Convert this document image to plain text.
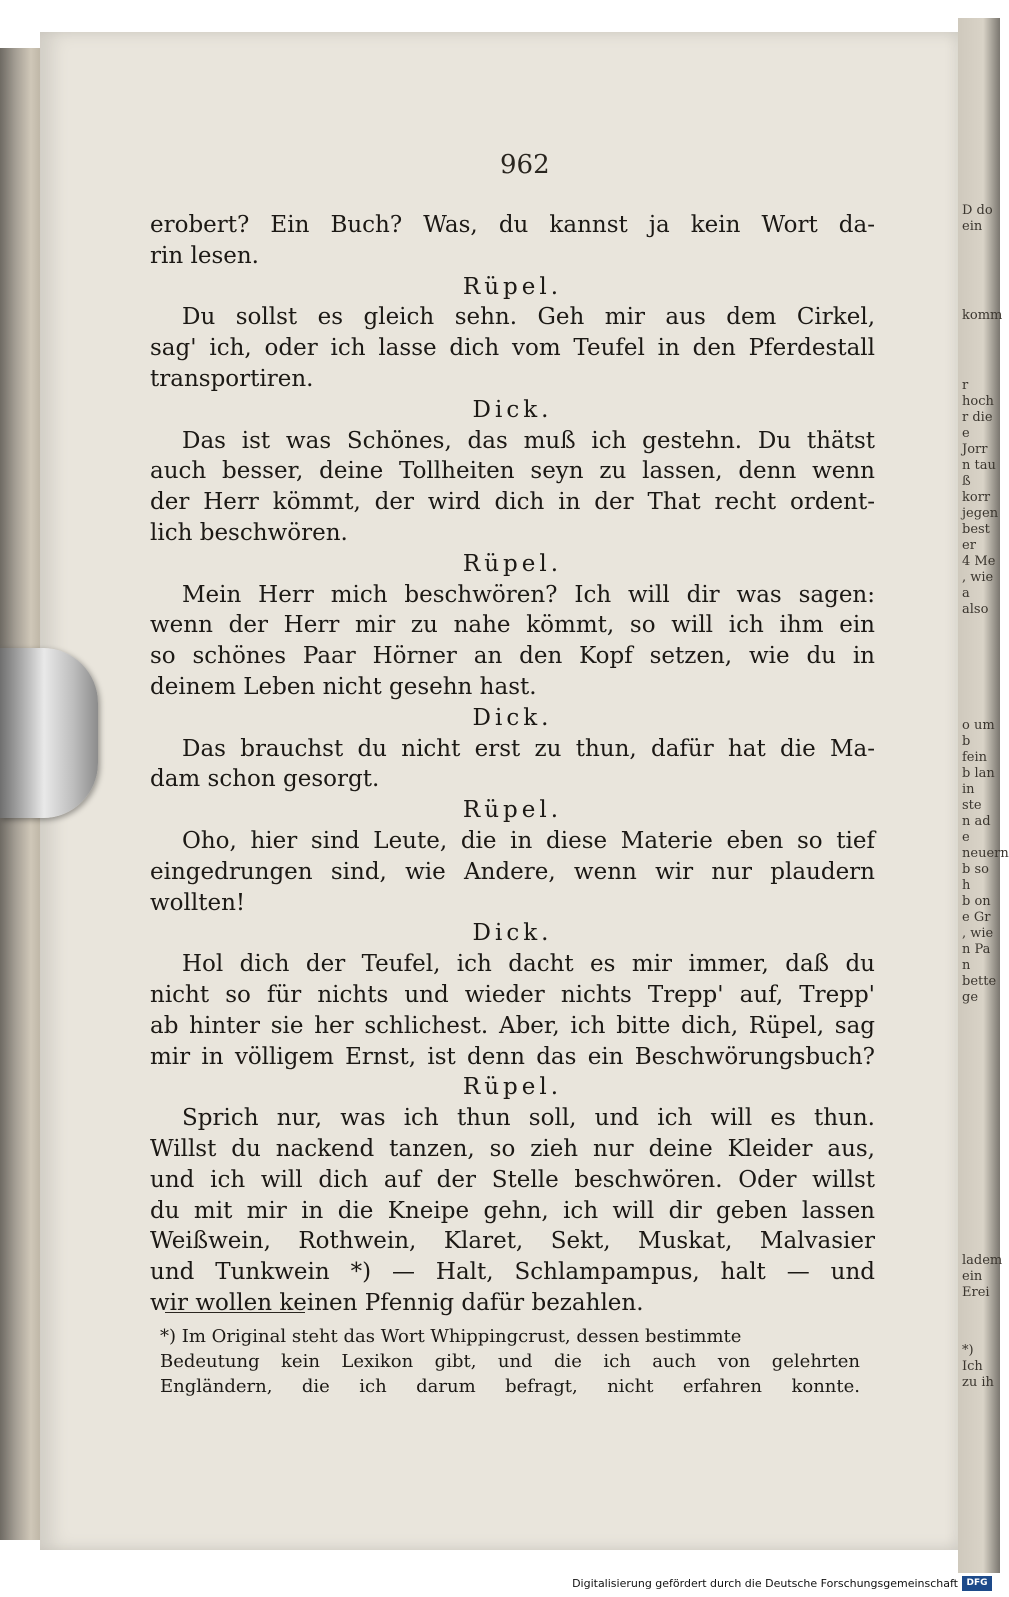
D do
ein
komm
r hoch
r die
e Jorr
n tau
ß korr
jegen
best er
4 Me
, wie
a also

o um
b fein
b lan
in ste
n ad
e neuern
b so h
b on
e Gr
, wie
n Pa
n bette
ge
ladem
ein Erei
*) Ich
zu ih
962
erobert? Ein Buch? Was, du kannst ja kein Wort da-
rin lesen.
Rüpel.
Du sollst es gleich sehn. Geh mir aus dem Cirkel,
sag' ich, oder ich lasse dich vom Teufel in den Pferdestall
transportiren.
Dick.
Das ist was Schönes, das muß ich gestehn. Du thätst
auch besser, deine Tollheiten seyn zu lassen, denn wenn
der Herr kömmt, der wird dich in der That recht ordent-
lich beschwören.
Rüpel.
Mein Herr mich beschwören? Ich will dir was sagen:
wenn der Herr mir zu nahe kömmt, so will ich ihm ein
so schönes Paar Hörner an den Kopf setzen, wie du in
deinem Leben nicht gesehn hast.
Dick.
Das brauchst du nicht erst zu thun, dafür hat die Ma-
dam schon gesorgt.
Rüpel.
Oho, hier sind Leute, die in diese Materie eben so tief
eingedrungen sind, wie Andere, wenn wir nur plaudern
wollten!
Dick.
Hol dich der Teufel, ich dacht es mir immer, daß du
nicht so für nichts und wieder nichts Trepp' auf, Trepp'
ab hinter sie her schlichest. Aber, ich bitte dich, Rüpel, sag
mir in völligem Ernst, ist denn das ein Beschwörungsbuch?
Rüpel.
Sprich nur, was ich thun soll, und ich will es thun.
Willst du nackend tanzen, so zieh nur deine Kleider aus,
und ich will dich auf der Stelle beschwören. Oder willst
du mit mir in die Kneipe gehn, ich will dir geben lassen
Weißwein, Rothwein, Klaret, Sekt, Muskat, Malvasier
und Tunkwein *) — Halt, Schlampampus, halt — und
wir wollen keinen Pfennig dafür bezahlen.
*) Im Original steht das Wort Whippingcrust, dessen bestimmte
Bedeutung kein Lexikon gibt, und die ich auch von gelehrten
Engländern, die ich darum befragt, nicht erfahren konnte.
Digitalisierung gefördert durch die Deutsche Forschungsgemeinschaft DFG
